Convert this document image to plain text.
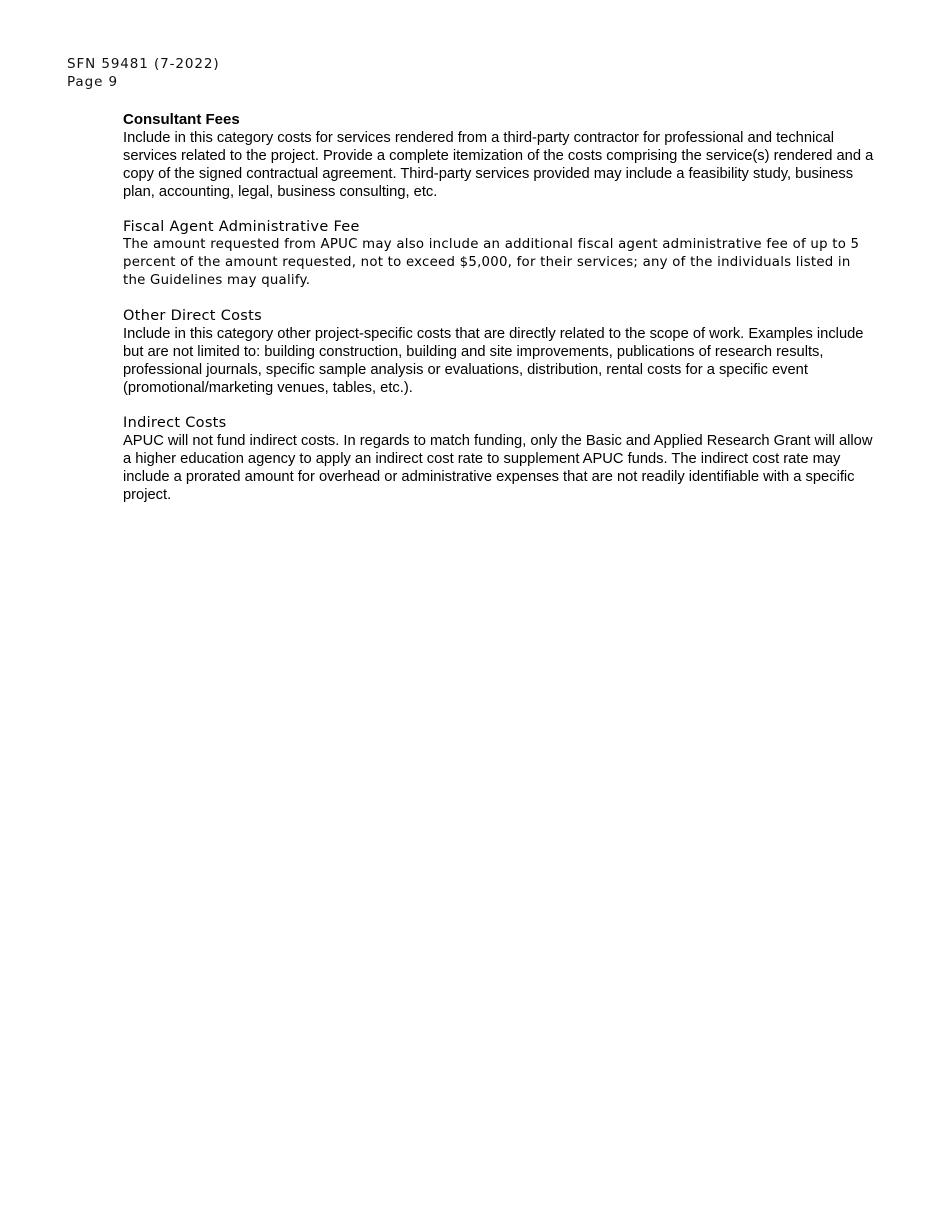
SFN 59481 (7-2022)
Page 9

Consultant Fees

Include in this category costs for services rendered from a third-party contractor for professional and technical services related to the project. Provide a complete itemization of the costs comprising the service(s) rendered and a copy of the signed contractual agreement. Third-party services provided may include a feasibility study, business plan, accounting, legal, business consulting, etc.

Fiscal Agent Administrative Fee

The amount requested from APUC may also include an additional fiscal agent administrative fee of up to 5 percent of the amount requested, not to exceed $5,000, for their services; any of the individuals listed in the Guidelines may qualify.

Other Direct Costs

Include in this category other project-specific costs that are directly related to the scope of work. Examples include but are not limited to: building construction, building and site improvements, publications of research results, professional journals, specific sample analysis or evaluations, distribution, rental costs for a specific event (promotional/marketing venues, tables, etc.).

Indirect Costs

APUC will not fund indirect costs. In regards to match funding, only the Basic and Applied Research Grant will allow a higher education agency to apply an indirect cost rate to supplement APUC funds. The indirect cost rate may include a prorated amount for overhead or administrative expenses that are not readily identifiable with a specific project.
